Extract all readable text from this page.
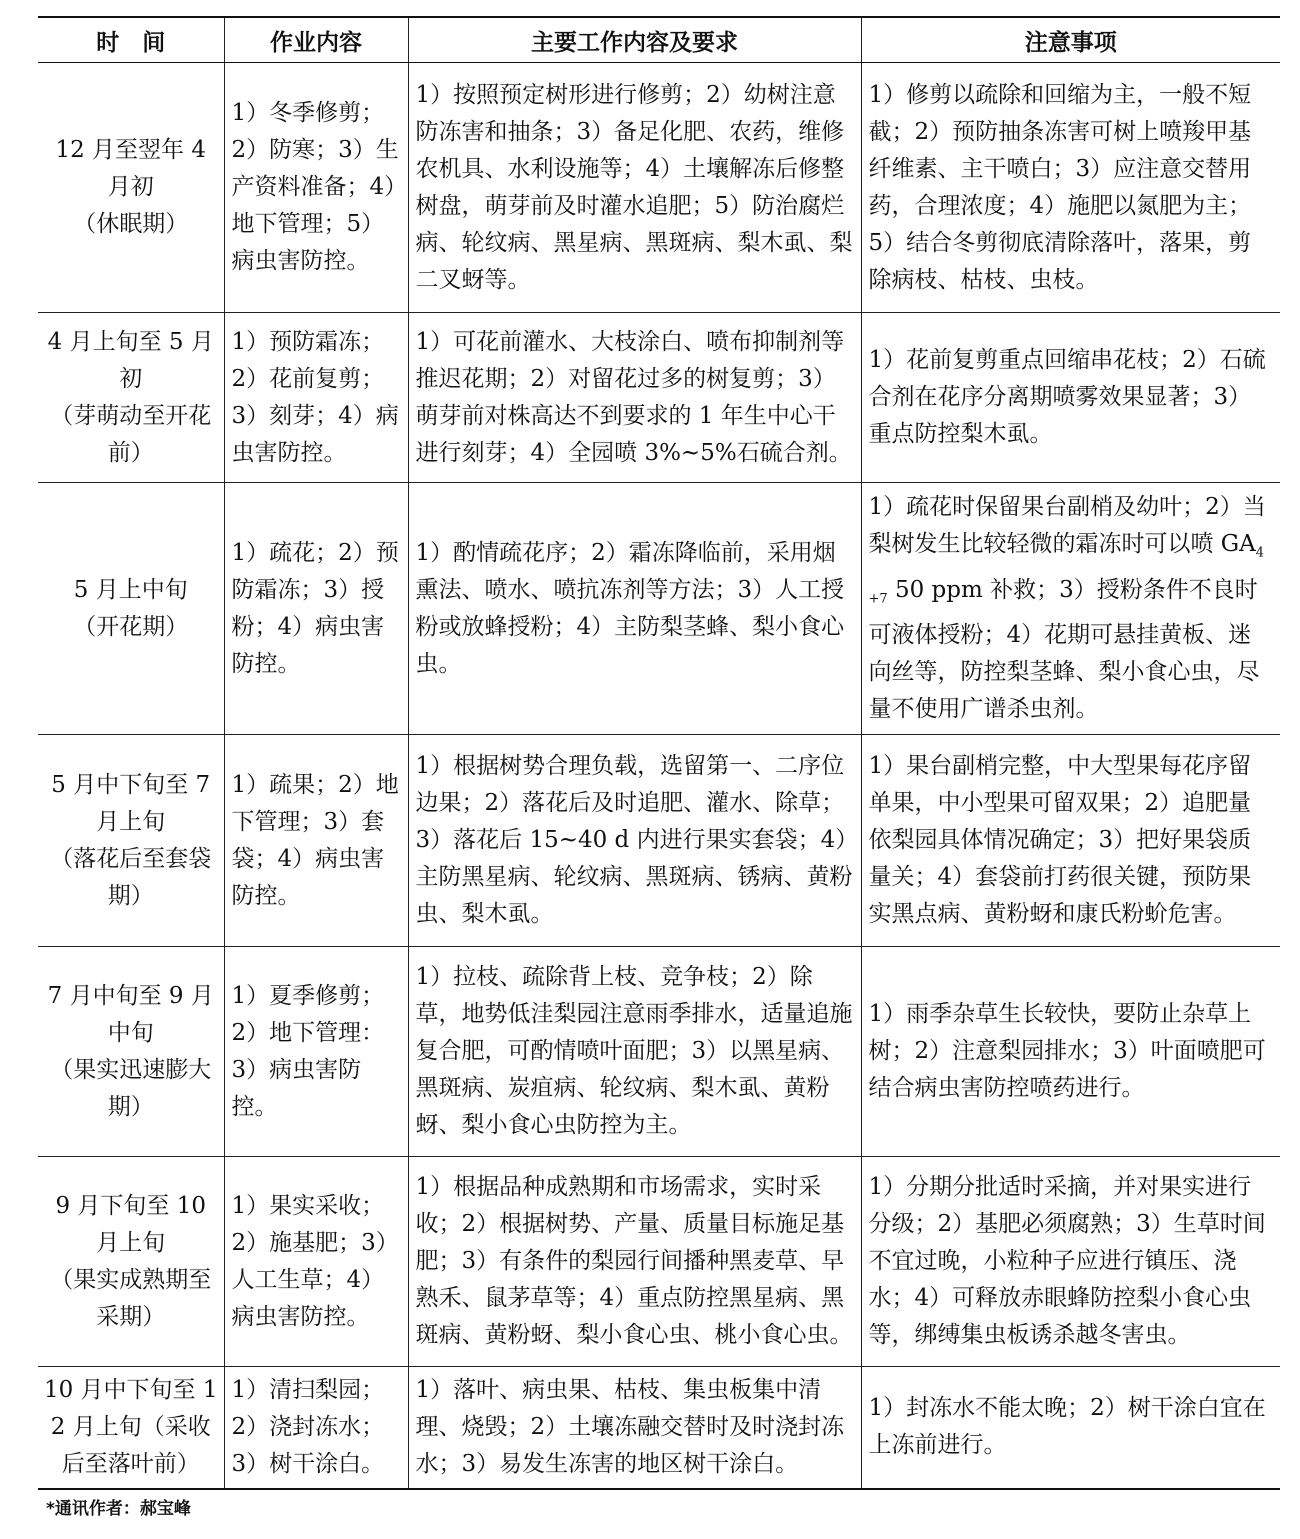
时　间	作业内容	主要工作内容及要求	注意事项

12 月至翌年 4 月初
（休眠期）	1）冬季修剪；2）防寒；3）生产资料准备；4）地下管理；5）病虫害防控。	1）按照预定树形进行修剪；2）幼树注意防冻害和抽条；3）备足化肥、农药，维修农机具、水利设施等；4）土壤解冻后修整树盘，萌芽前及时灌水追肥；5）防治腐烂病、轮纹病、黑星病、黑斑病、梨木虱、梨二叉蚜等。	1）修剪以疏除和回缩为主，一般不短截；2）预防抽条冻害可树上喷羧甲基纤维素、主干喷白；3）应注意交替用药，合理浓度；4）施肥以氮肥为主；5）结合冬剪彻底清除落叶，落果，剪除病枝、枯枝、虫枝。

4 月上旬至 5 月初
（芽萌动至开花前）	1）预防霜冻；2）花前复剪；3）刻芽；4）病虫害防控。	1）可花前灌水、大枝涂白、喷布抑制剂等推迟花期；2）对留花过多的树复剪；3）萌芽前对株高达不到要求的 1 年生中心干进行刻芽；4）全园喷 3%~5%石硫合剂。	1）花前复剪重点回缩串花枝；2）石硫合剂在花序分离期喷雾效果显著；3）重点防控梨木虱。

5 月上中旬
（开花期）	1）疏花；2）预防霜冻；3）授粉；4）病虫害防控。	1）酌情疏花序；2）霜冻降临前，采用烟熏法、喷水、喷抗冻剂等方法；3）人工授粉或放蜂授粉；4）主防梨茎蜂、梨小食心虫。	1）疏花时保留果台副梢及幼叶；2）当梨树发生比较轻微的霜冻时可以喷 $GA_{4+7}$ 50 ppm 补救；3）授粉条件不良时可液体授粉；4）花期可悬挂黄板、迷向丝等，防控梨茎蜂、梨小食心虫，尽量不使用广谱杀虫剂。

5 月中下旬至 7 月上旬
（落花后至套袋期）	1）疏果；2）地下管理；3）套袋；4）病虫害防控。	1）根据树势合理负载，选留第一、二序位边果；2）落花后及时追肥、灌水、除草；3）落花后 15~40 d 内进行果实套袋；4）主防黑星病、轮纹病、黑斑病、锈病、黄粉虫、梨木虱。	1）果台副梢完整，中大型果每花序留单果，中小型果可留双果；2）追肥量依梨园具体情况确定；3）把好果袋质量关；4）套袋前打药很关键，预防果实黑点病、黄粉蚜和康氏粉蚧危害。

7 月中旬至 9 月中旬
（果实迅速膨大期）	1）夏季修剪；2）地下管理：3）病虫害防控。	1）拉枝、疏除背上枝、竞争枝；2）除草，地势低洼梨园注意雨季排水，适量追施复合肥，可酌情喷叶面肥；3）以黑星病、黑斑病、炭疽病、轮纹病、梨木虱、黄粉蚜、梨小食心虫防控为主。	1）雨季杂草生长较快，要防止杂草上树；2）注意梨园排水；3）叶面喷肥可结合病虫害防控喷药进行。

9 月下旬至 10 月上旬
（果实成熟期至采期）	1）果实采收；2）施基肥；3）人工生草；4）病虫害防控。	1）根据品种成熟期和市场需求，实时采收；2）根据树势、产量、质量目标施足基肥；3）有条件的梨园行间播种黑麦草、早熟禾、鼠茅草等；4）重点防控黑星病、黑斑病、黄粉蚜、梨小食心虫、桃小食心虫。	1）分期分批适时采摘，并对果实进行分级；2）基肥必须腐熟；3）生草时间不宜过晚，小粒种子应进行镇压、浇水；4）可释放赤眼蜂防控梨小食心虫等，绑缚集虫板诱杀越冬害虫。

10 月中下旬至 12 月上旬（采收后至落叶前）	1）清扫梨园；2）浇封冻水；3）树干涂白。	1）落叶、病虫果、枯枝、集虫板集中清理、烧毁；2）土壤冻融交替时及时浇封冻水；3）易发生冻害的地区树干涂白。	1）封冻水不能太晚；2）树干涂白宜在上冻前进行。
*通讯作者：郝宝峰
